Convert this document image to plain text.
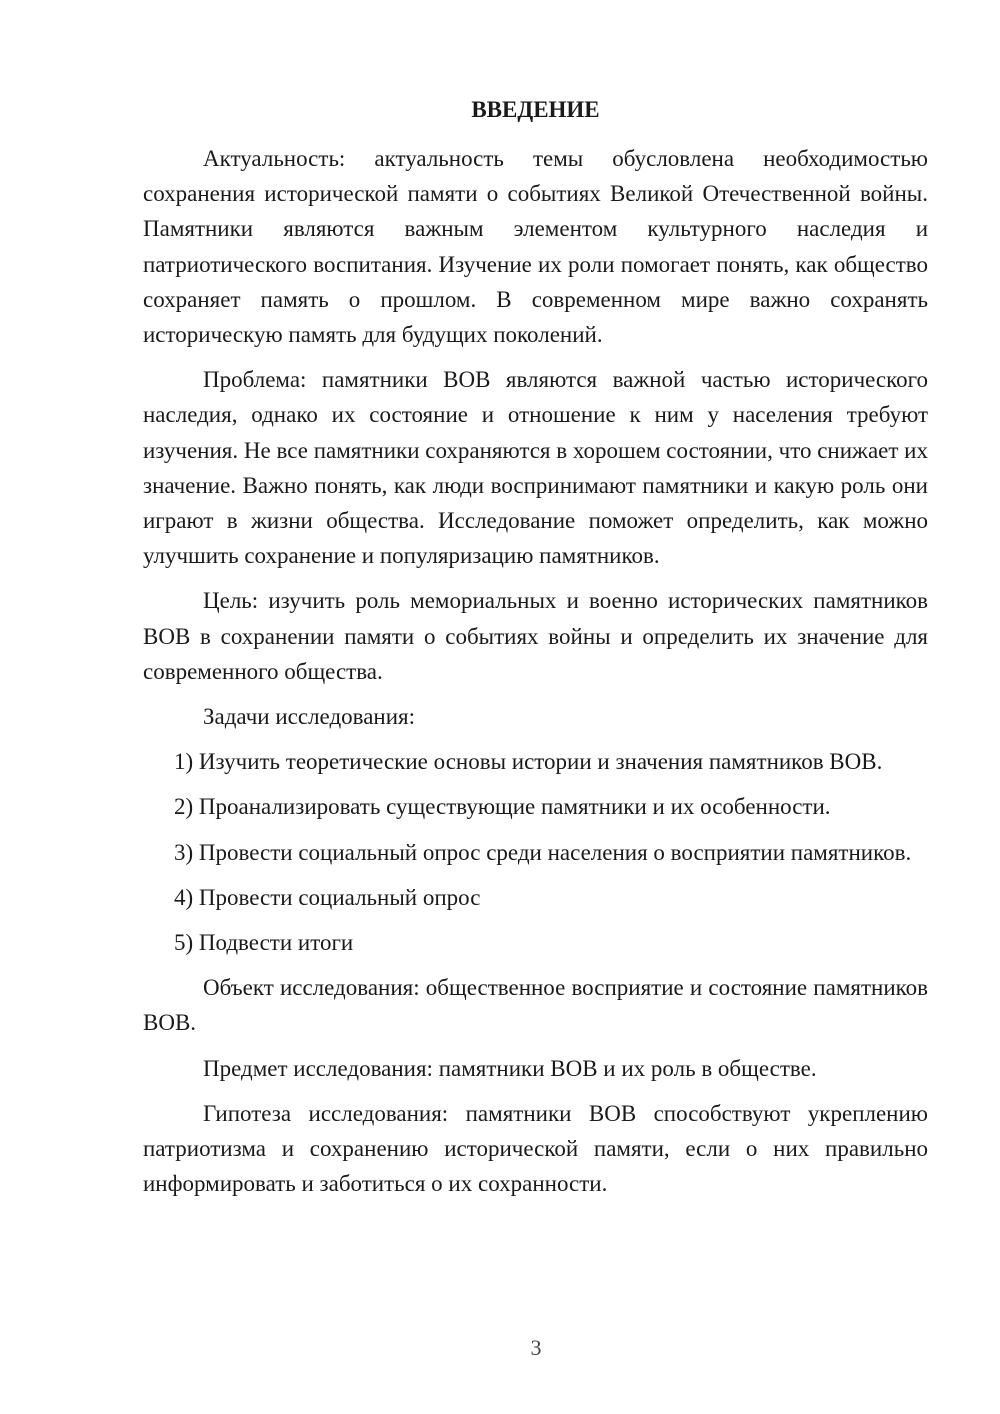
ВВЕДЕНИЕ

Актуальность: актуальность темы обусловлена необходимостью сохранения исторической памяти о событиях Великой Отечественной войны. Памятники являются важным элементом культурного наследия и патриотического воспитания. Изучение их роли помогает понять, как общество сохраняет память о прошлом. В современном мире важно сохранять историческую память для будущих поколений.

Проблема: памятники ВОВ являются важной частью исторического наследия, однако их состояние и отношение к ним у населения требуют изучения. Не все памятники сохраняются в хорошем состоянии, что снижает их значение. Важно понять, как люди воспринимают памятники и какую роль они играют в жизни общества. Исследование поможет определить, как можно улучшить сохранение и популяризацию памятников.

Цель: изучить роль мемориальных и военно исторических памятников ВОВ в сохранении памяти о событиях войны и определить их значение для современного общества.

Задачи исследования:

1) Изучить теоретические основы истории и значения памятников ВОВ.

2) Проанализировать существующие памятники и их особенности.

3) Провести социальный опрос среди населения о восприятии памятников.

4) Провести социальный опрос

5) Подвести итоги

Объект исследования: общественное восприятие и состояние памятников ВОВ.

Предмет исследования: памятники ВОВ и их роль в обществе.

Гипотеза исследования: памятники ВОВ способствуют укреплению патриотизма и сохранению исторической памяти, если о них правильно информировать и заботиться о их сохранности.

3
